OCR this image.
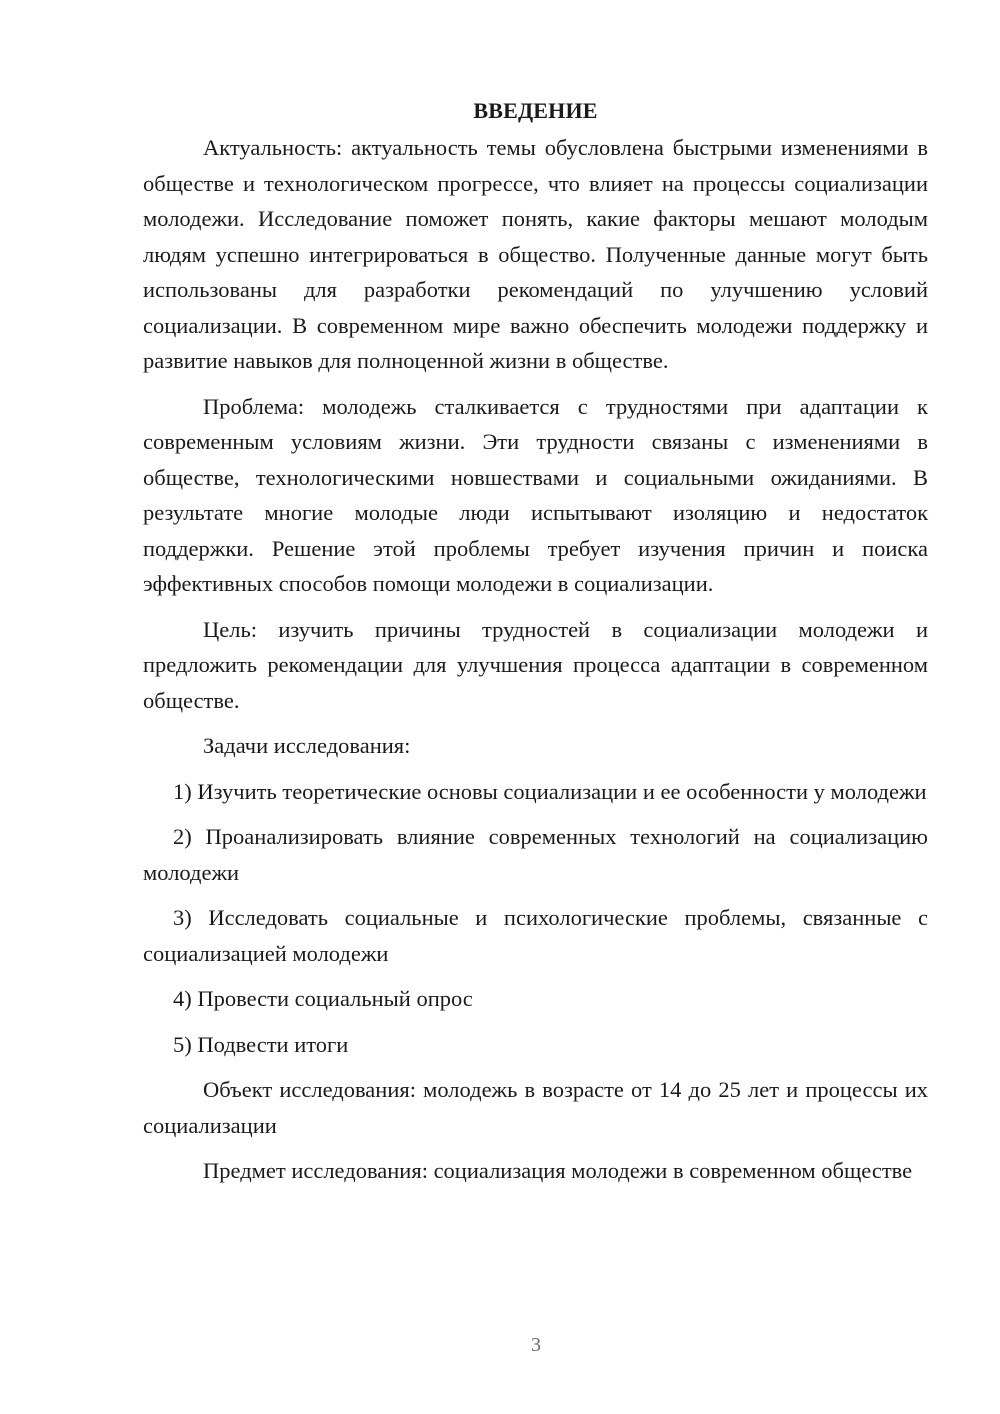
ВВЕДЕНИЕ

Актуальность: актуальность темы обусловлена быстрыми изменениями в обществе и технологическом прогрессе, что влияет на процессы социализации молодежи. Исследование поможет понять, какие факторы мешают молодым людям успешно интегрироваться в общество. Полученные данные могут быть использованы для разработки рекомендаций по улучшению условий социализации. В современном мире важно обеспечить молодежи поддержку и развитие навыков для полноценной жизни в обществе.

Проблема: молодежь сталкивается с трудностями при адаптации к современным условиям жизни. Эти трудности связаны с изменениями в обществе, технологическими новшествами и социальными ожиданиями. В результате многие молодые люди испытывают изоляцию и недостаток поддержки. Решение этой проблемы требует изучения причин и поиска эффективных способов помощи молодежи в социализации.

Цель: изучить причины трудностей в социализации молодежи и предложить рекомендации для улучшения процесса адаптации в современном обществе.

Задачи исследования:

1) Изучить теоретические основы социализации и ее особенности у молодежи

2) Проанализировать влияние современных технологий на социализацию молодежи

3) Исследовать социальные и психологические проблемы, связанные с социализацией молодежи

4) Провести социальный опрос

5) Подвести итоги

Объект исследования: молодежь в возрасте от 14 до 25 лет и процессы их социализации

Предмет исследования: социализация молодежи в современном обществе

3
